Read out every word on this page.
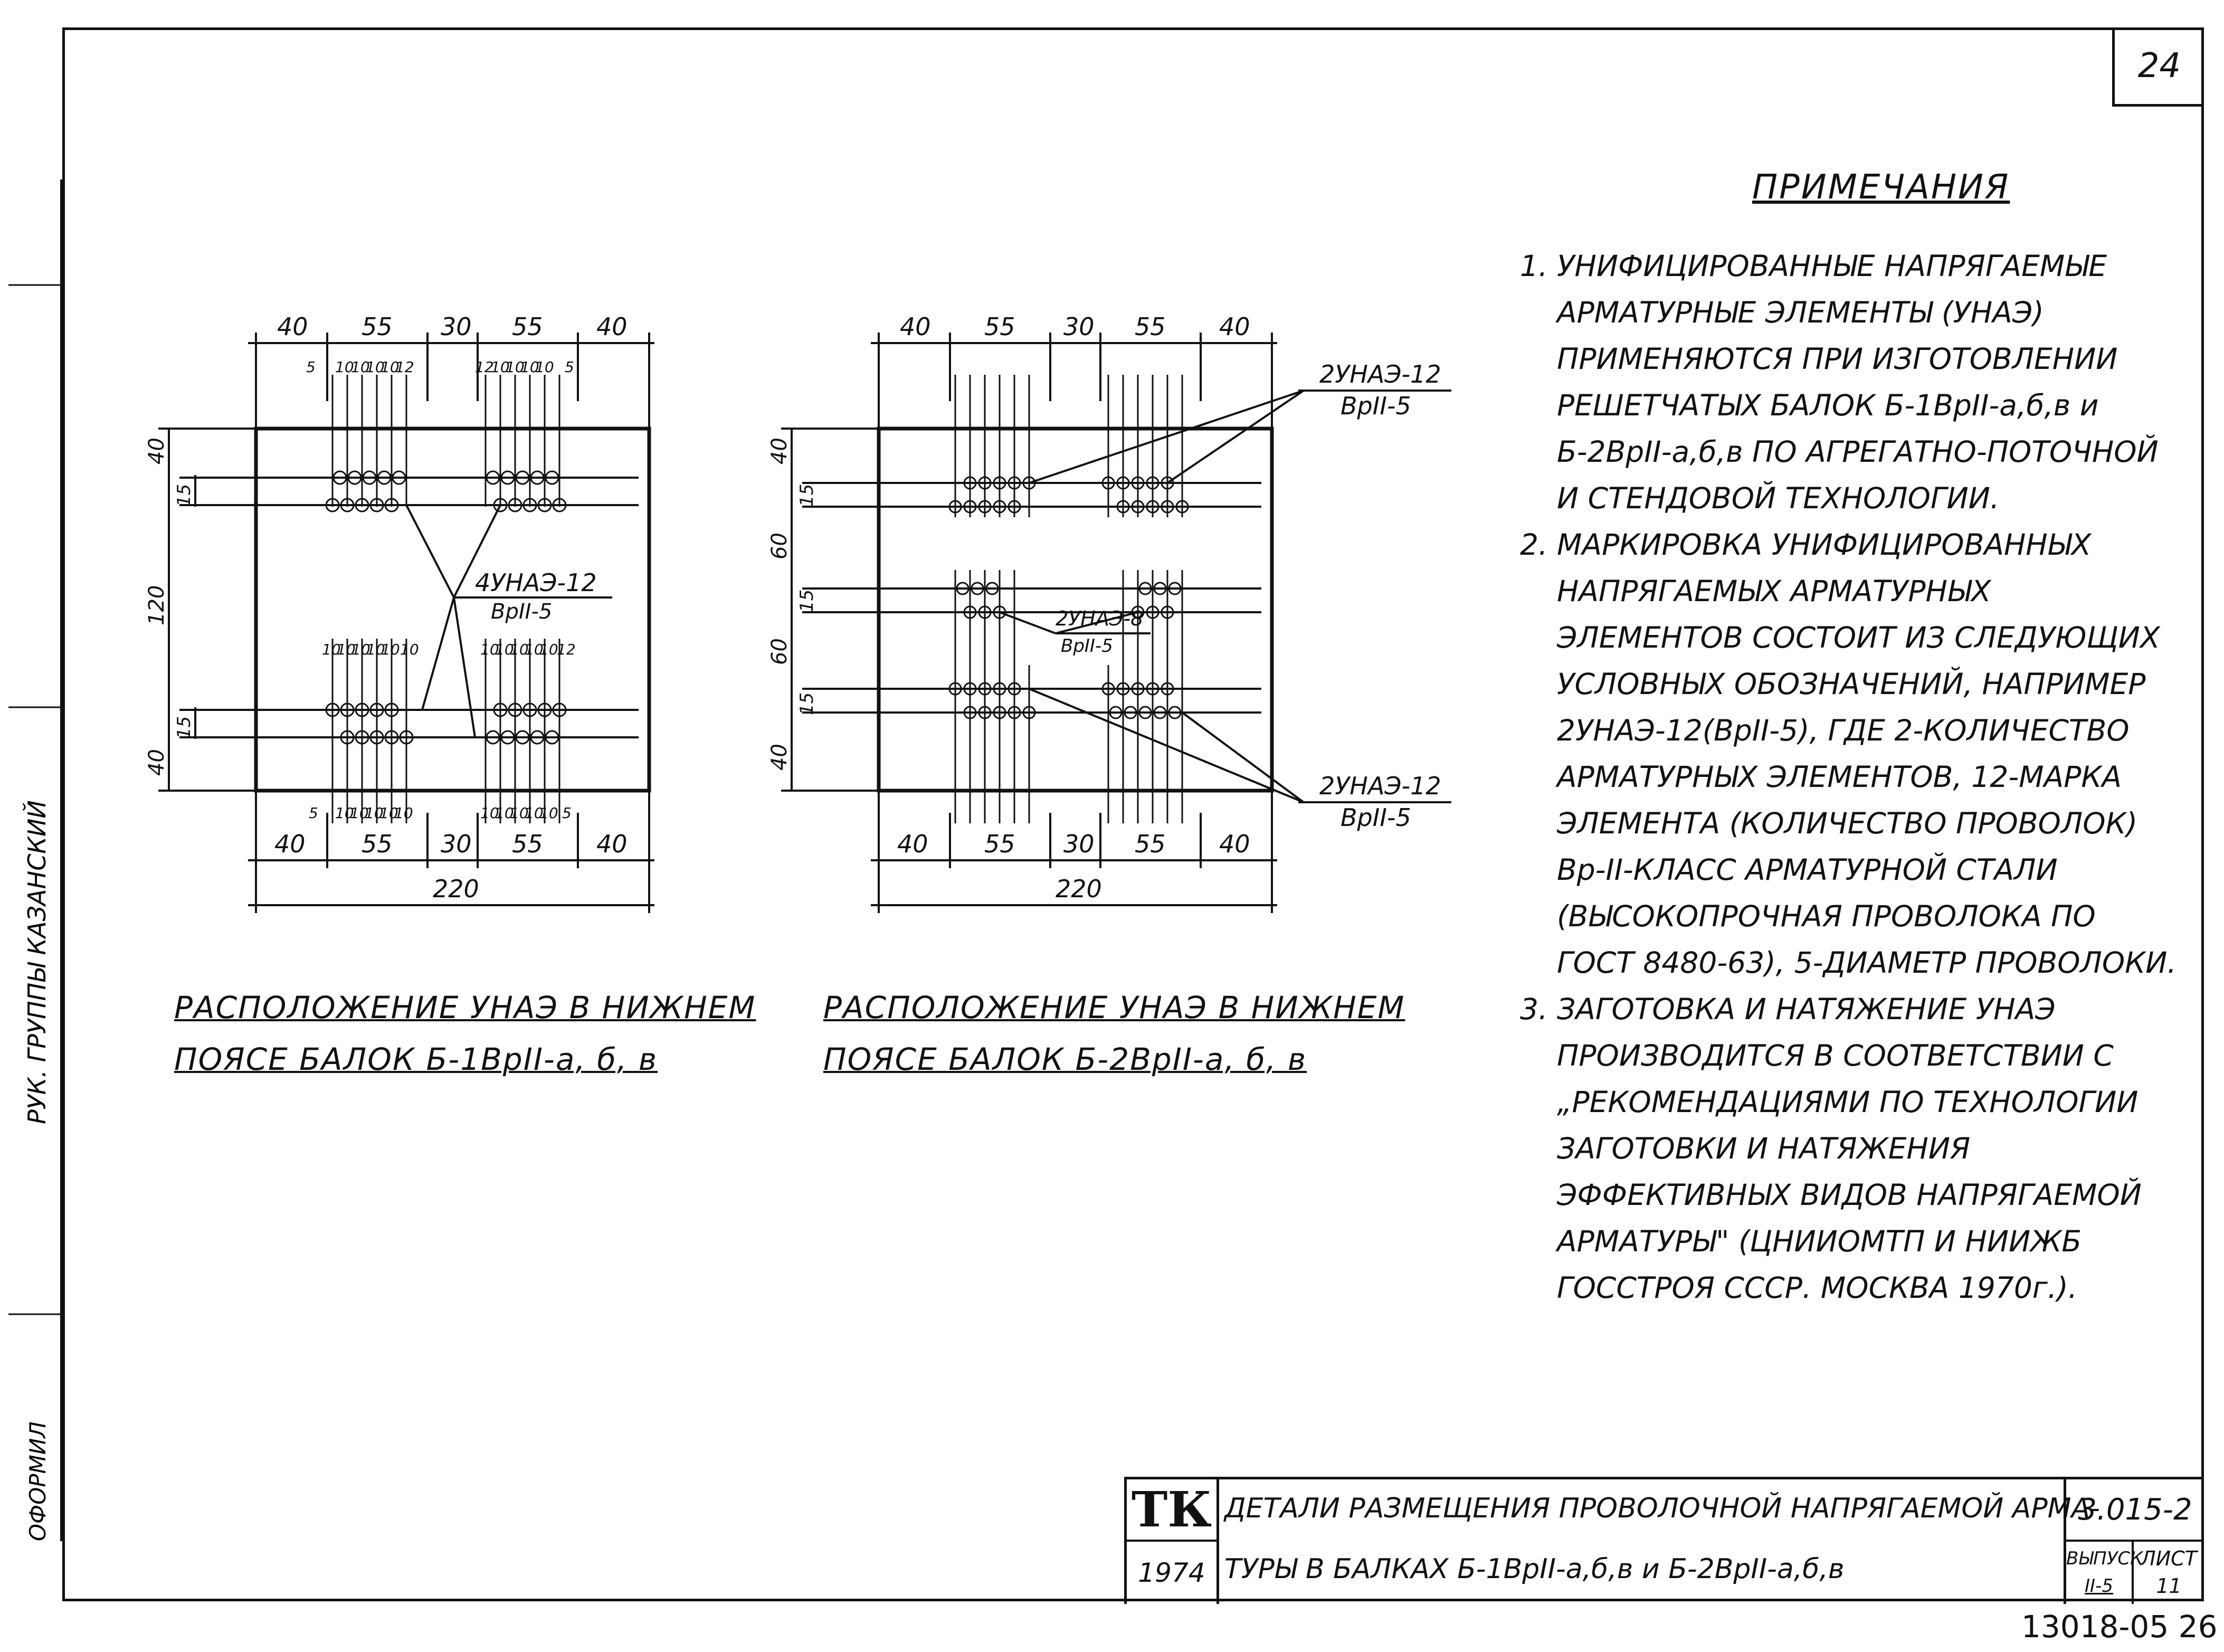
24
РУК. ГРУППЫ КАЗАНСКИЙ
ОФОРМИЛ
40 55 30 55 40
40 55 30 55 40
220
4УНАЭ-12
ВрII-5
40
15
120
15
40
5 10
10
10
10
12	12
10
10
10
10 5
10
10
10
10
10 10	10
10
10
10
10
12
5 10
10
10
10
10	10
10
10
10
10 5
40 55 30 55 40
40 55 30 55 40
220
2УНАЭ-12
ВрII-5
2УНАЭ-8
ВрII-5
2УНАЭ-12
ВрII-5
40
15
60
15
60
15
40
РАСПОЛОЖЕНИЕ УНАЭ В НИЖНЕМ
ПОЯСЕ БАЛОК Б-1ВрII-а, б, в
РАСПОЛОЖЕНИЕ УНАЭ В НИЖНЕМ
ПОЯСЕ БАЛОК Б-2ВрII-а, б, в
ПРИМЕЧАНИЯ
1. УНИФИЦИРОВАННЫЕ НАПРЯГАЕМЫЕ АРМАТУРНЫЕ ЭЛЕМЕНТЫ (УНАЭ) ПРИМЕНЯЮТСЯ ПРИ ИЗГОТОВЛЕНИИ РЕШЕТЧАТЫХ БАЛОК Б-1ВрII-а,б,в и Б-2ВрII-а,б,в ПО АГРЕГАТНО-ПОТОЧНОЙ И СТЕНДОВОЙ ТЕХНОЛОГИИ.
2. МАРКИРОВКА УНИФИЦИРОВАННЫХ НАПРЯГАЕМЫХ АРМАТУРНЫХ ЭЛЕМЕНТОВ СОСТОИТ ИЗ СЛЕДУЮЩИХ УСЛОВНЫХ ОБОЗНАЧЕНИЙ, НАПРИМЕР 2УНАЭ-12(ВрII-5), ГДЕ 2-КОЛИЧЕСТВО АРМАТУРНЫХ ЭЛЕМЕНТОВ, 12-МАРКА ЭЛЕМЕНТА (КОЛИЧЕСТВО ПРОВОЛОК) Вр-II-КЛАСС АРМАТУРНОЙ СТАЛИ (ВЫСОКОПРОЧНАЯ ПРОВОЛОКА ПО ГОСТ 8480-63), 5-ДИАМЕТР ПРОВОЛОКИ.
3. ЗАГОТОВКА И НАТЯЖЕНИЕ УНАЭ ПРОИЗВОДИТСЯ В СООТВЕТСТВИИ С „РЕКОМЕНДАЦИЯМИ ПО ТЕХНОЛОГИИ ЗАГОТОВКИ И НАТЯЖЕНИЯ ЭФФЕКТИВНЫХ ВИДОВ НАПРЯГАЕМОЙ АРМАТУРЫ" (ЦНИИОМТП И НИИЖБ ГОССТРОЯ СССР. МОСКВА 1970г.).
ТК
1974
ДЕТАЛИ РАЗМЕЩЕНИЯ ПРОВОЛОЧНОЙ НАПРЯГАЕМОЙ АРМА-
ТУРЫ В БАЛКАХ Б-1ВрII-а,б,в и Б-2ВрII-а,б,в
3.015-2
ВЫПУСК
II-5
ЛИСТ
11
13018-05 26
